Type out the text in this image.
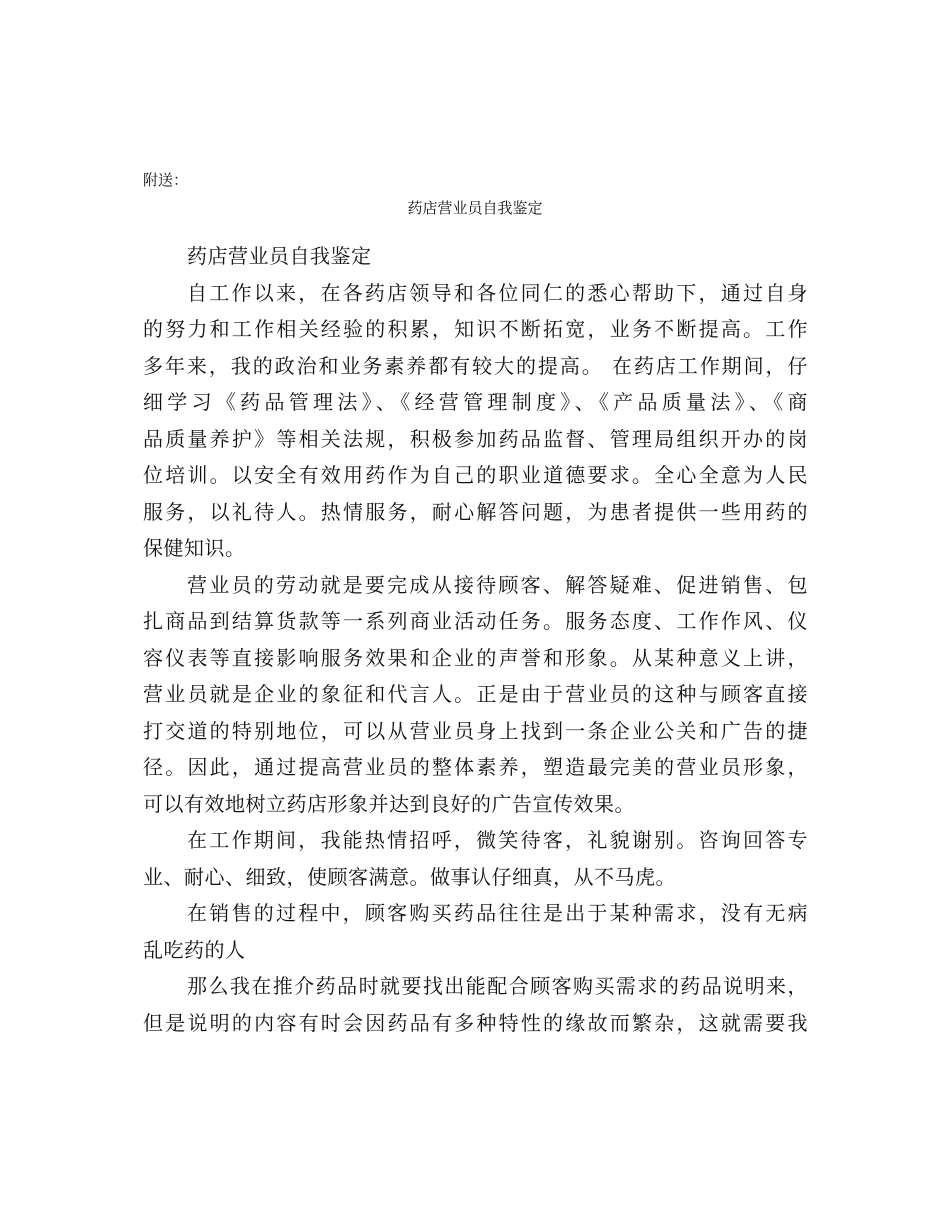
附送：

药店营业员自我鉴定
药店营业员自我鉴定
自工作以来，在各药店领导和各位同仁的悉心帮助下，通过自身
的努力和工作相关经验的积累，知识不断拓宽，业务不断提高。工作
多年来，我的政治和业务素养都有较大的提高。 在药店工作期间，仔
细学习《药品管理法》、《经营管理制度》、《产品质量法》、《商
品质量养护》等相关法规，积极参加药品监督、管理局组织开办的岗
位培训。以安全有效用药作为自己的职业道德要求。全心全意为人民
服务，以礼待人。热情服务，耐心解答问题，为患者提供一些用药的
保健知识。
营业员的劳动就是要完成从接待顾客、解答疑难、促进销售、包
扎商品到结算货款等一系列商业活动任务。服务态度、工作作风、仪
容仪表等直接影响服务效果和企业的声誉和形象。从某种意义上讲，
营业员就是企业的象征和代言人。正是由于营业员的这种与顾客直接
打交道的特别地位，可以从营业员身上找到一条企业公关和广告的捷
径。因此，通过提高营业员的整体素养，塑造最完美的营业员形象，
可以有效地树立药店形象并达到良好的广告宣传效果。
在工作期间，我能热情招呼，微笑待客，礼貌谢别。咨询回答专
业、耐心、细致，使顾客满意。做事认仔细真，从不马虎。
在销售的过程中，顾客购买药品往往是出于某种需求，没有无病
乱吃药的人
那么我在推介药品时就要找出能配合顾客购买需求的药品说明来，
但是说明的内容有时会因药品有多种特性的缘故而繁杂，这就需要我
